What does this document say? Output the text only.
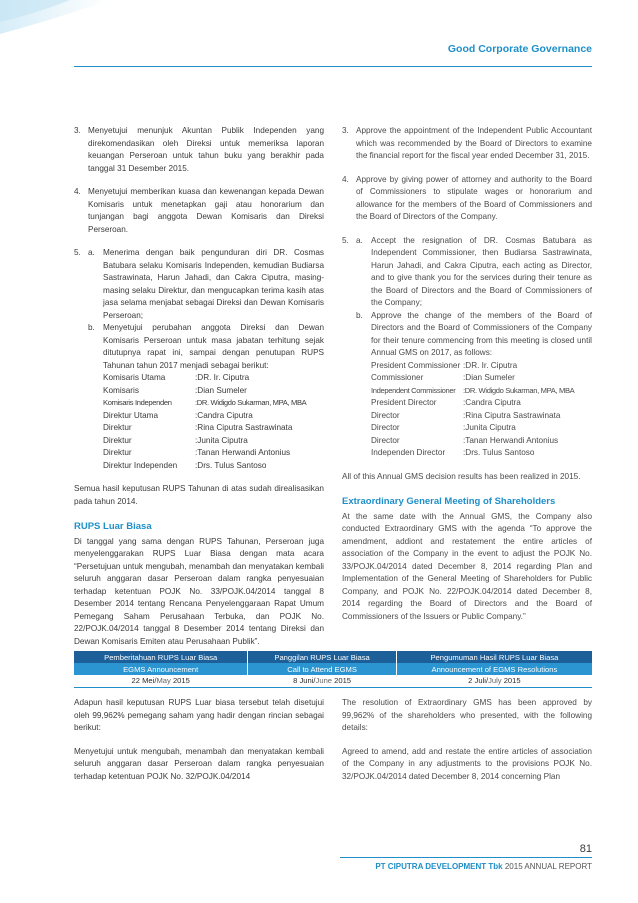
Good Corporate Governance
3. Menyetujui menunjuk Akuntan Publik Independen yang direkomendasikan oleh Direksi untuk memeriksa laporan keuangan Perseroan untuk tahun buku yang berakhir pada tanggal 31 Desember 2015.
4. Menyetujui memberikan kuasa dan kewenangan kepada Dewan Komisaris untuk menetapkan gaji atau honorarium dan tunjangan bagi anggota Dewan Komisaris dan Direksi Perseroan.
5. a. Menerima dengan baik pengunduran diri DR. Cosmas Batubara selaku Komisaris Independen, kemudian Budiarsa Sastrawinata, Harun Jahadi, dan Cakra Ciputra, masing-masing selaku Direktur, dan mengucapkan terima kasih atas jasa selama menjabat sebagai Direksi dan Dewan Komisaris Perseroan;
b. Menyetujui perubahan anggota Direksi dan Dewan Komisaris Perseroan untuk masa jabatan terhitung sejak ditutupnya rapat ini, sampai dengan penutupan RUPS Tahunan tahun 2017 menjadi sebagai berikut:
Komisaris Utama	:DR. Ir. Ciputra
Komisaris	:Dian Sumeler
Komisaris Independen	:DR. Widigdo Sukarman, MPA, MBA
Direktur Utama	:Candra Ciputra
Direktur	:Rina Ciputra Sastrawinata
Direktur	:Junita Ciputra
Direktur	:Tanan Herwandi Antonius
Direktur Independen	:Drs. Tulus Santoso
Semua hasil keputusan RUPS Tahunan di atas sudah direalisasikan pada tahun 2014.
RUPS Luar Biasa
Di tanggal yang sama dengan RUPS Tahunan, Perseroan juga menyelenggarakan RUPS Luar Biasa dengan mata acara “Persetujuan untuk mengubah, menambah dan menyatakan kembali seluruh anggaran dasar Perseroan dalam rangka penyesuaian terhadap ketentuan POJK No. 33/POJK.04/2014 tanggal 8 Desember 2014 tentang Rencana Penyelenggaraan Rapat Umum Pemegang Saham Perusahaan Terbuka, dan POJK No. 22/POJK.04/2014 tanggal 8 Desember 2014 tentang Direksi dan Dewan Komisaris Emiten atau Perusahaan Publik”.
3. Approve the appointment of the Independent Public Accountant which was recommended by the Board of Directors to examine the financial report for the fiscal year ended December 31, 2015.
4. Approve by giving power of attorney and authority to the Board of Commissioners to stipulate wages or honorarium and allowance for the members of the Board of Commissioners and the Board of Directors of the Company.
5. a. Accept the resignation of DR. Cosmas Batubara as Independent Commissioner, then Budiarsa Sastrawinata, Harun Jahadi, and Cakra Ciputra, each acting as Director, and to give thank you for the services during their tenure as the Board of Directors and the Board of Commissioners of the Company;
b. Approve the change of the members of the Board of Directors and the Board of Commissioners of the Company for their tenure commencing from this meeting is closed until Annual GMS on 2017, as follows:
President Commissioner :DR. Ir. Ciputra
Commissioner	:Dian Sumeler
Independent Commissioner :DR. Widigdo Sukarman, MPA, MBA
President Director	:Candra Ciputra
Director	:Rina Ciputra Sastrawinata
Director	:Junita Ciputra
Director	:Tanan Herwandi Antonius
Independen Director	:Drs. Tulus Santoso
All of this Annual GMS decision results has been realized in 2015.
Extraordinary General Meeting of Shareholders
At the same date with the Annual GMS, the Company also conducted Extraordinary GMS with the agenda “To approve the amendment, addiont and restatement the entire articles of association of the Company in the event to adjust the POJK No. 33/POJK.04/2014 dated December 8, 2014 regarding Plan and Implementation of the General Meeting of Shareholders for Public Company, and POJK No. 22/POJK.04/2014 dated December 8, 2014 regarding the Board of Directors and the Board of Commissioners of the Issuers or Public Company.”
Pemberitahuan RUPS Luar Biasa	Panggilan RUPS Luar Biasa	Pengumuman Hasil RUPS Luar Biasa
EGMS Announcement	Call to Attend EGMS	Announcement of EGMS Resolutions
22 Mei/May 2015	8 Juni/June 2015	2 Juli/July 2015
Adapun hasil keputusan RUPS Luar biasa tersebut telah disetujui oleh 99,962% pemegang saham yang hadir dengan rincian sebagai berikut:
Menyetujui untuk mengubah, menambah dan menyatakan kembali seluruh anggaran dasar Perseroan dalam rangka penyesuaian terhadap ketentuan POJK No. 32/POJK.04/2014
The resolution of Extraordinary GMS has been approved by 99,962% of the shareholders who presented, with the following details:
Agreed to amend, add and restate the entire articles of association of the Company in any adjustments to the provisions POJK No. 32/POJK.04/2014 dated December 8, 2014 concerning Plan
81
PT CIPUTRA DEVELOPMENT Tbk 2015 ANNUAL REPORT
